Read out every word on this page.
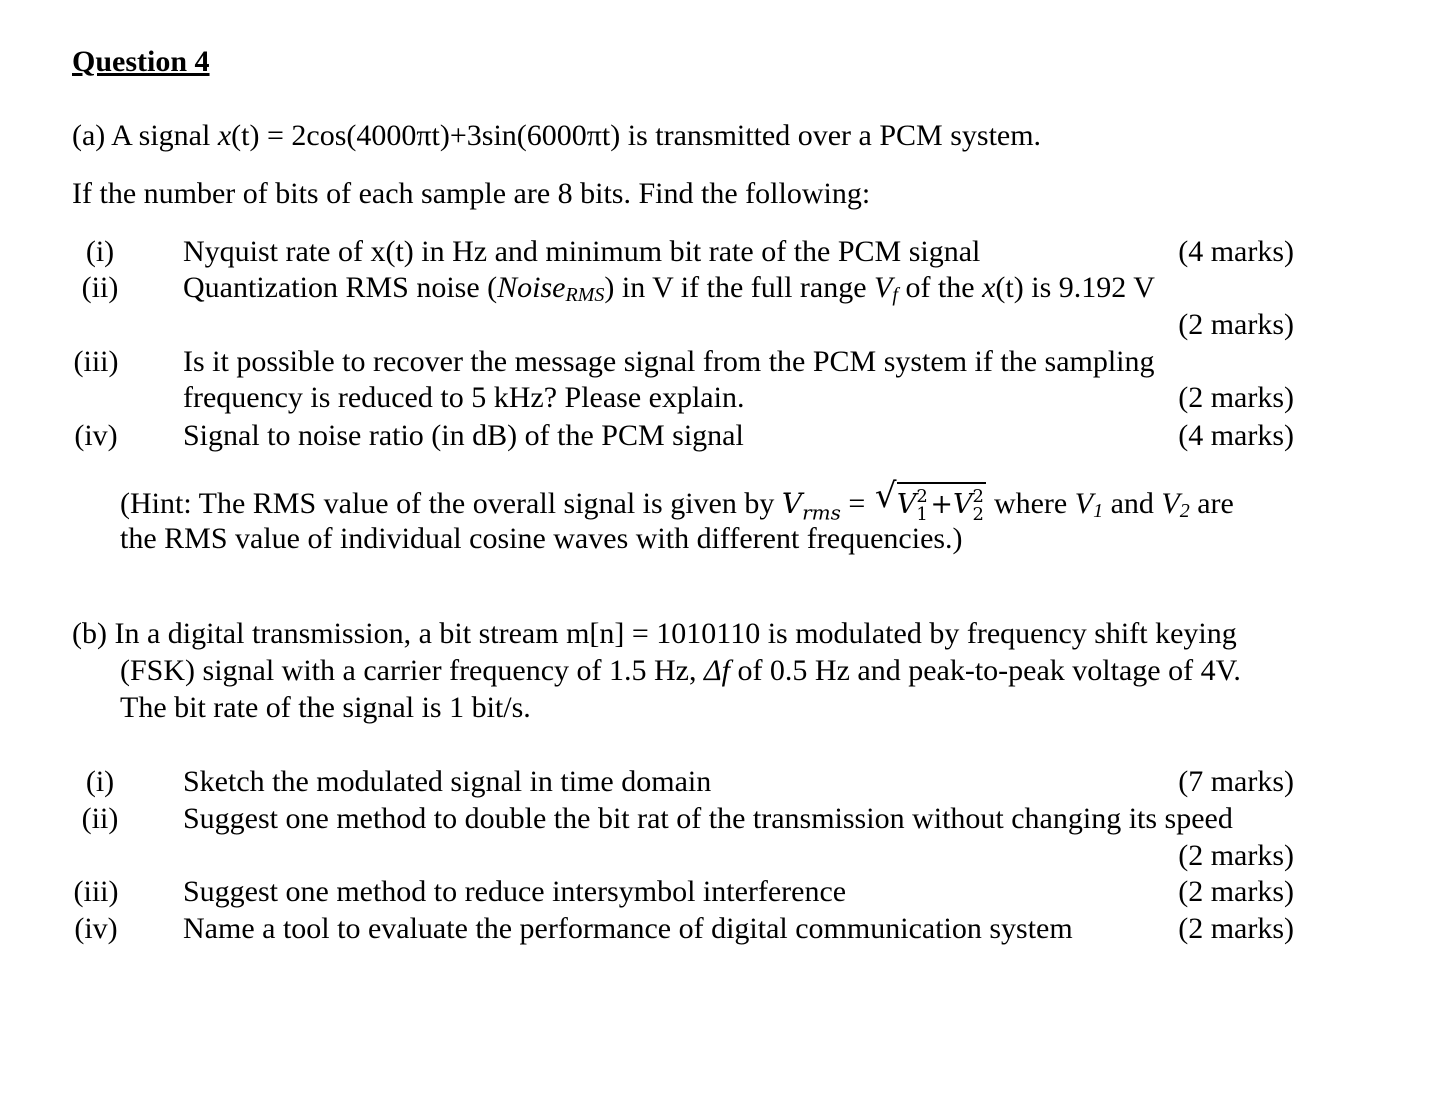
Question 4
(a) A signal x(t) = 2cos(4000πt)+3sin(6000πt) is transmitted over a PCM system.
If the number of bits of each sample are 8 bits. Find the following:
(i)	Nyquist rate of x(t) in Hz and minimum bit rate of the PCM signal	(4 marks)
(ii)	Quantization RMS noise (NoiseRMS) in V if the full range Vf of the x(t) is 9.192 V
(2 marks)
(iii)	Is it possible to recover the message signal from the PCM system if the sampling
frequency is reduced to 5 kHz? Please explain.	(2 marks)
(iv)	Signal to noise ratio (in dB) of the PCM signal	(4 marks)
(Hint: The RMS value of the overall signal is given by $V_{rms}$ = √ V 2
1 +V 2
2 where V1 and V2 are
the RMS value of individual cosine waves with different frequencies.)
(b) In a digital transmission, a bit stream m[n] = 1010110 is modulated by frequency shift keying
(FSK) signal with a carrier frequency of 1.5 Hz, Δf of 0.5 Hz and peak-to-peak voltage of 4V.
The bit rate of the signal is 1 bit/s.
(i)	Sketch the modulated signal in time domain	(7 marks)
(ii)	Suggest one method to double the bit rat of the transmission without changing its speed
(2 marks)
(iii)	Suggest one method to reduce intersymbol interference	(2 marks)
(iv)	Name a tool to evaluate the performance of digital communication system	(2 marks)
